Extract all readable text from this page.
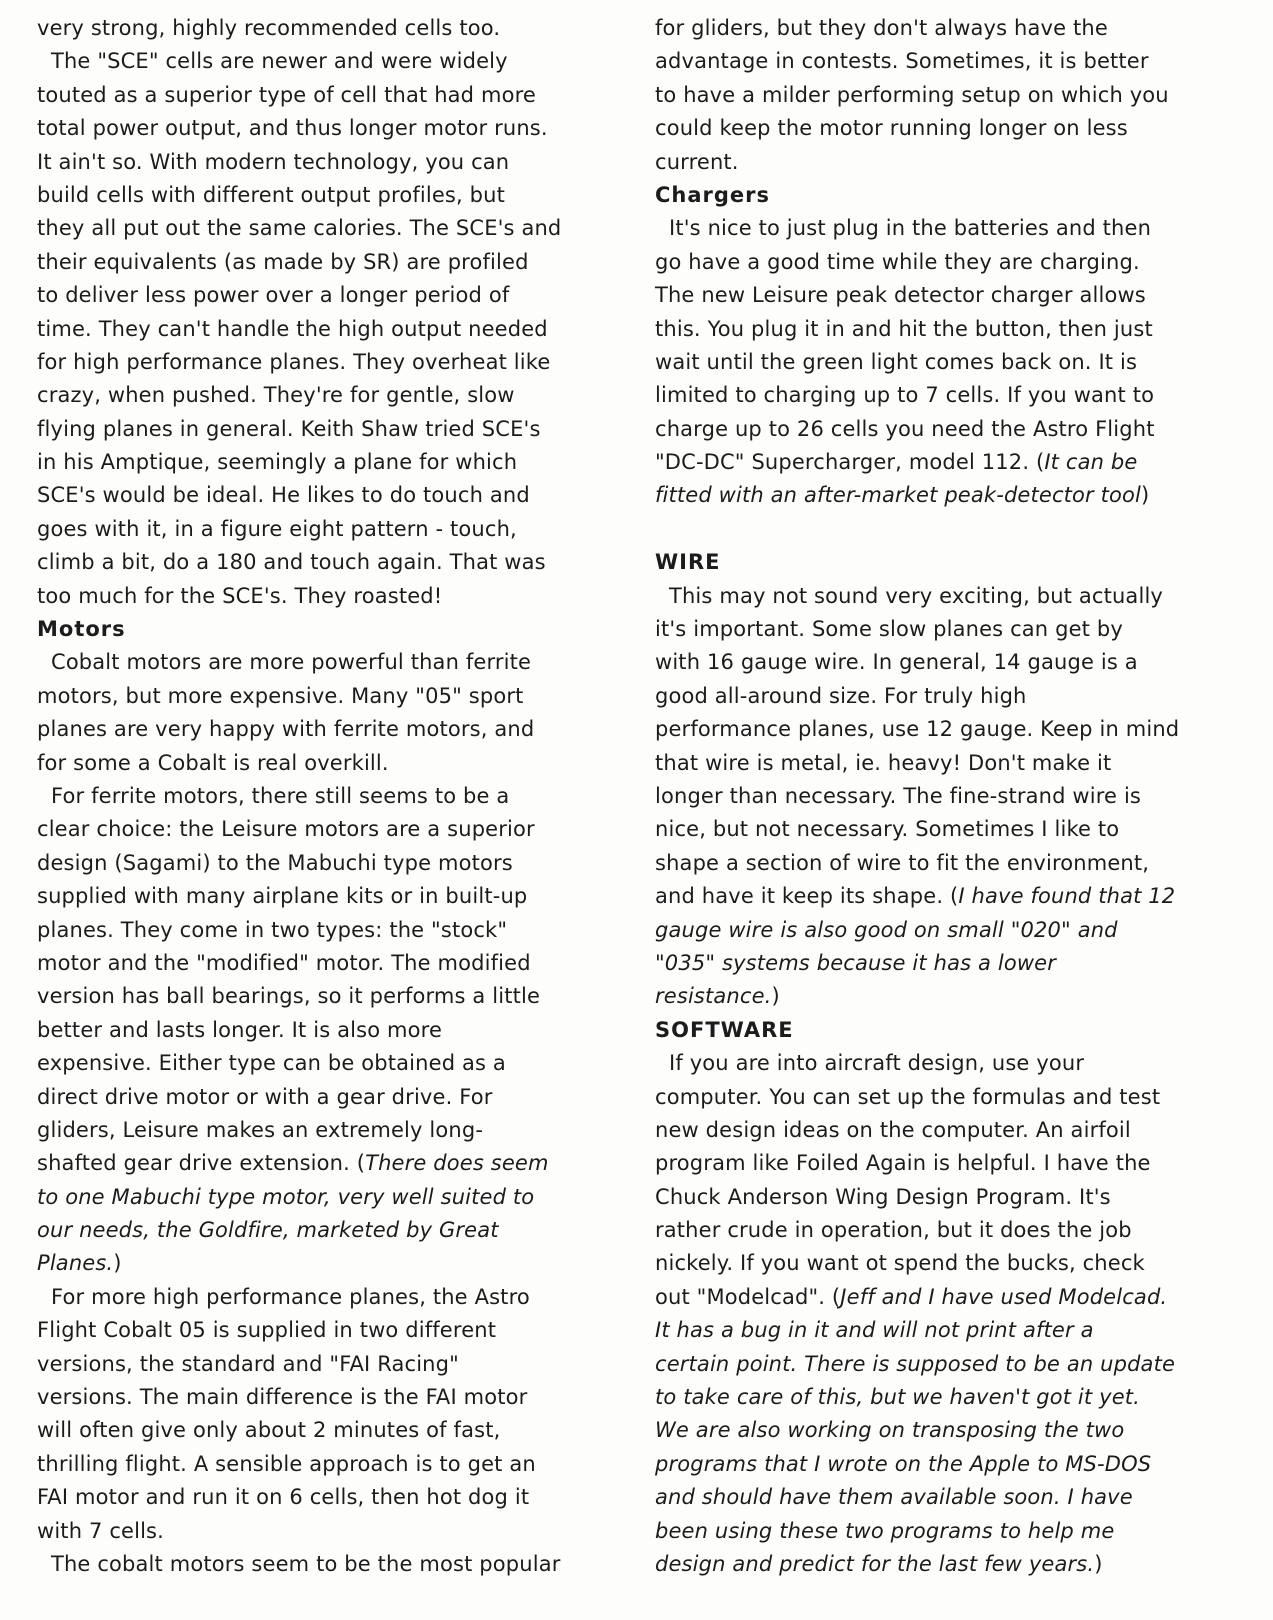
very strong, highly recommended cells too.
The "SCE" cells are newer and were widely
touted as a superior type of cell that had more
total power output, and thus longer motor runs.
It ain't so. With modern technology, you can
build cells with different output profiles, but
they all put out the same calories. The SCE's and
their equivalents (as made by SR) are profiled
to deliver less power over a longer period of
time. They can't handle the high output needed
for high performance planes. They overheat like
crazy, when pushed. They're for gentle, slow
flying planes in general. Keith Shaw tried SCE's
in his Amptique, seemingly a plane for which
SCE's would be ideal. He likes to do touch and
goes with it, in a figure eight pattern - touch,
climb a bit, do a 180 and touch again. That was
too much for the SCE's. They roasted!
Motors
Cobalt motors are more powerful than ferrite
motors, but more expensive. Many "05" sport
planes are very happy with ferrite motors, and
for some a Cobalt is real overkill.
For ferrite motors, there still seems to be a
clear choice: the Leisure motors are a superior
design (Sagami) to the Mabuchi type motors
supplied with many airplane kits or in built-up
planes. They come in two types: the "stock"
motor and the "modified" motor. The modified
version has ball bearings, so it performs a little
better and lasts longer. It is also more
expensive. Either type can be obtained as a
direct drive motor or with a gear drive. For
gliders, Leisure makes an extremely long-
shafted gear drive extension. (There does seem
to one Mabuchi type motor, very well suited to
our needs, the Goldfire, marketed by Great
Planes.)
For more high performance planes, the Astro
Flight Cobalt 05 is supplied in two different
versions, the standard and "FAI Racing"
versions. The main difference is the FAI motor
will often give only about 2 minutes of fast,
thrilling flight. A sensible approach is to get an
FAI motor and run it on 6 cells, then hot dog it
with 7 cells.
The cobalt motors seem to be the most popular
for gliders, but they don't always have the
advantage in contests. Sometimes, it is better
to have a milder performing setup on which you
could keep the motor running longer on less
current.
Chargers
It's nice to just plug in the batteries and then
go have a good time while they are charging.
The new Leisure peak detector charger allows
this. You plug it in and hit the button, then just
wait until the green light comes back on. It is
limited to charging up to 7 cells. If you want to
charge up to 26 cells you need the Astro Flight
"DC-DC" Supercharger, model 112. (It can be
fitted with an after-market peak-detector tool)
WIRE
This may not sound very exciting, but actually
it's important. Some slow planes can get by
with 16 gauge wire. In general, 14 gauge is a
good all-around size. For truly high
performance planes, use 12 gauge. Keep in mind
that wire is metal, ie. heavy! Don't make it
longer than necessary. The fine-strand wire is
nice, but not necessary. Sometimes I like to
shape a section of wire to fit the environment,
and have it keep its shape. (I have found that 12
gauge wire is also good on small "020" and
"035" systems because it has a lower
resistance.)
SOFTWARE
If you are into aircraft design, use your
computer. You can set up the formulas and test
new design ideas on the computer. An airfoil
program like Foiled Again is helpful. I have the
Chuck Anderson Wing Design Program. It's
rather crude in operation, but it does the job
nickely. If you want ot spend the bucks, check
out "Modelcad". (Jeff and I have used Modelcad.
It has a bug in it and will not print after a
certain point. There is supposed to be an update
to take care of this, but we haven't got it yet.
We are also working on transposing the two
programs that I wrote on the Apple to MS-DOS
and should have them available soon. I have
been using these two programs to help me
design and predict for the last few years.)
